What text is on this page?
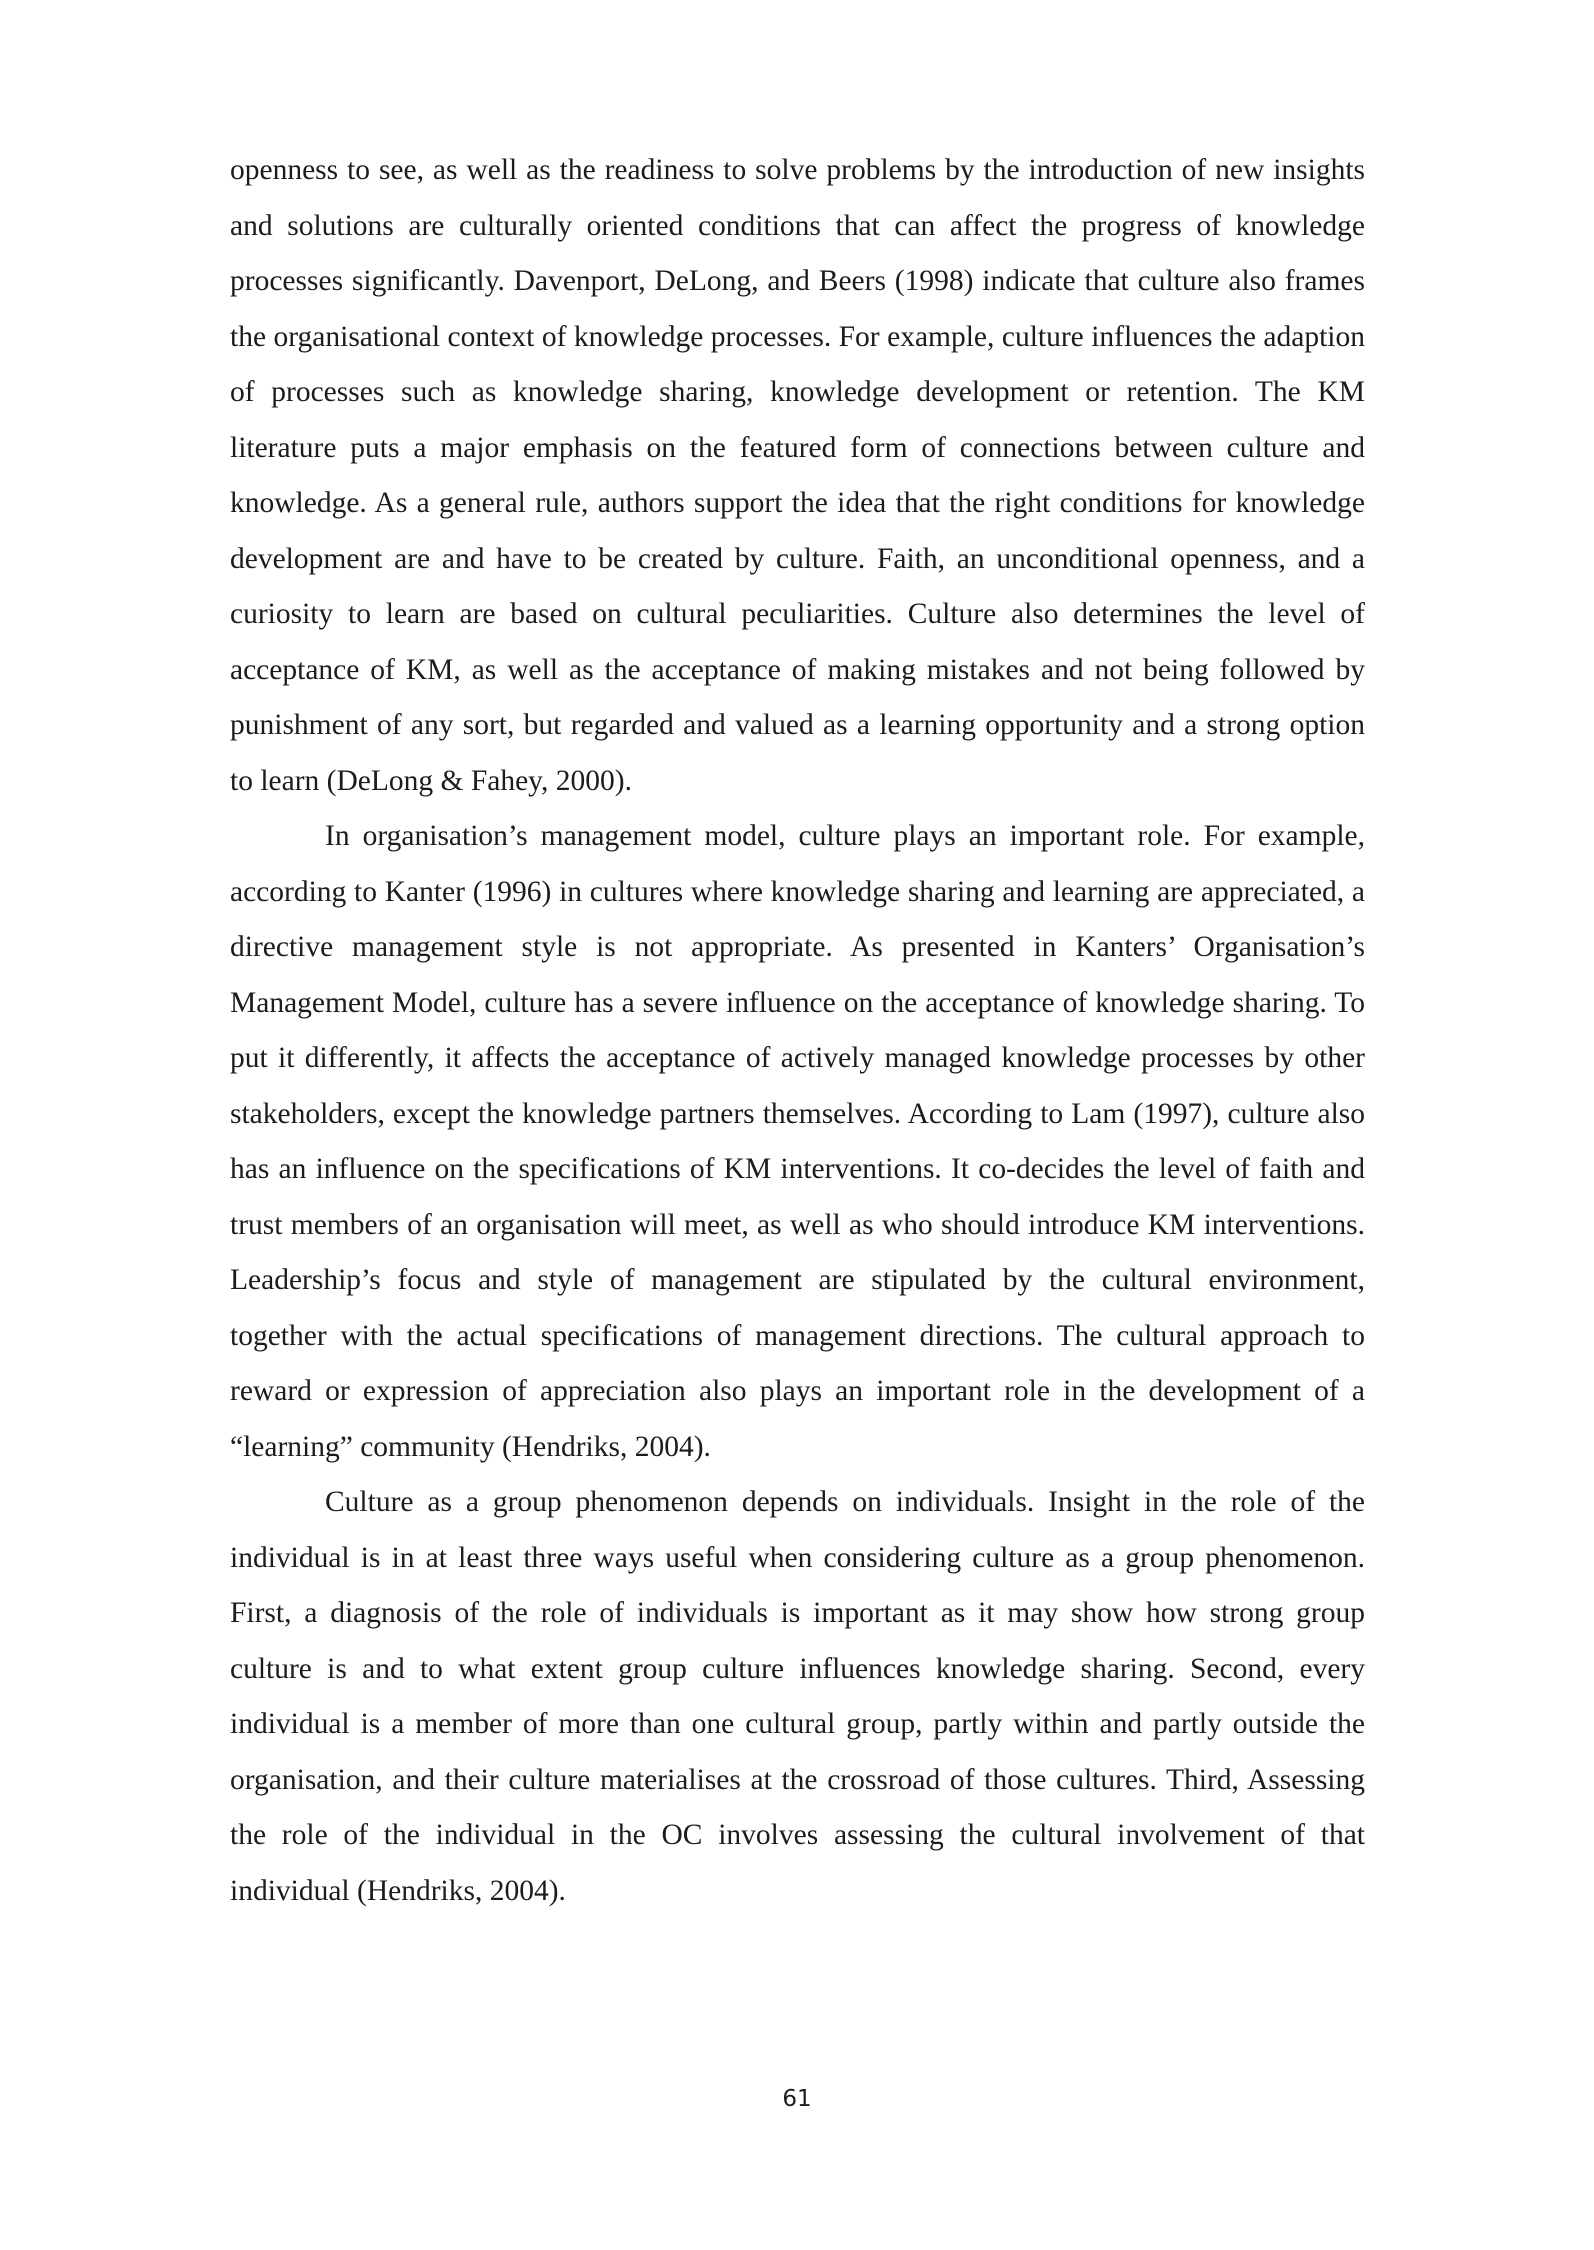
openness to see, as well as the readiness to solve problems by the introduction of new insights and solutions are culturally oriented conditions that can affect the progress of knowledge processes significantly. Davenport, DeLong, and Beers (1998) indicate that culture also frames the organisational context of knowledge processes. For example, culture influences the adaption of processes such as knowledge sharing, knowledge development or retention. The KM literature puts a major emphasis on the featured form of connections between culture and knowledge. As a general rule, authors support the idea that the right conditions for knowledge development are and have to be created by culture. Faith, an unconditional openness, and a curiosity to learn are based on cultural peculiarities. Culture also determines the level of acceptance of KM, as well as the acceptance of making mistakes and not being followed by punishment of any sort, but regarded and valued as a learning opportunity and a strong option to learn (DeLong & Fahey, 2000).

In organisation’s management model, culture plays an important role. For example, according to Kanter (1996) in cultures where knowledge sharing and learning are appreciated, a directive management style is not appropriate. As presented in Kanters’ Organisation’s Management Model, culture has a severe influence on the acceptance of knowledge sharing. To put it differently, it affects the acceptance of actively managed knowledge processes by other stakeholders, except the knowledge partners themselves. According to Lam (1997), culture also has an influence on the specifications of KM interventions. It co-decides the level of faith and trust members of an organisation will meet, as well as who should introduce KM interventions. Leadership’s focus and style of management are stipulated by the cultural environment, together with the actual specifications of management directions. The cultural approach to reward or expression of appreciation also plays an important role in the development of a “learning” community (Hendriks, 2004).

Culture as a group phenomenon depends on individuals. Insight in the role of the individual is in at least three ways useful when considering culture as a group phenomenon. First, a diagnosis of the role of individuals is important as it may show how strong group culture is and to what extent group culture influences knowledge sharing. Second, every individual is a member of more than one cultural group, partly within and partly outside the organisation, and their culture materialises at the crossroad of those cultures. Third, Assessing the role of the individual in the OC involves assessing the cultural involvement of that individual (Hendriks, 2004).

61
